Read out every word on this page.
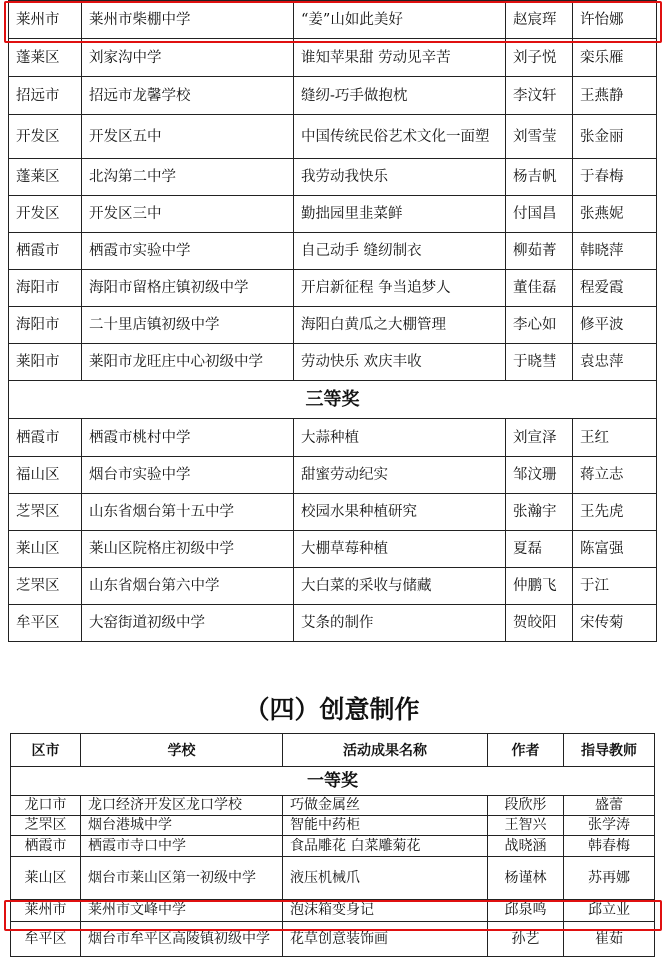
莱州市	莱州市柴棚中学	“姜”山如此美好	赵宸珲	许怡娜
蓬莱区	刘家沟中学	谁知苹果甜 劳动见辛苦	刘子悦	栾乐雁
招远市	招远市龙馨学校	缝纫-巧手做抱枕	李汶轩	王燕静
开发区	开发区五中	中国传统民俗艺术文化一面塑	刘雪莹	张金丽
蓬莱区	北沟第二中学	我劳动我快乐	杨吉帆	于春梅
开发区	开发区三中	勤拙园里韭菜鲜	付国昌	张燕妮
栖霞市	栖霞市实验中学	自己动手 缝纫制衣	柳茹菁	韩晓萍
海阳市	海阳市留格庄镇初级中学	开启新征程 争当追梦人	董佳磊	程爱霞
海阳市	二十里店镇初级中学	海阳白黄瓜之大棚管理	李心如	修平波
莱阳市	莱阳市龙旺庄中心初级中学	劳动快乐 欢庆丰收	于晓彗	袁忠萍
三等奖				
栖霞市	栖霞市桃村中学	大蒜种植	刘宣泽	王红
福山区	烟台市实验中学	甜蜜劳动纪实	邹汶珊	蒋立志
芝罘区	山东省烟台第十五中学	校园水果种植研究	张瀚宇	王先虎
莱山区	莱山区院格庄初级中学	大棚草莓种植	夏磊	陈富强
芝罘区	山东省烟台第六中学	大白菜的采收与储藏	仲鹏飞	于江
牟平区	大窑街道初级中学	艾条的制作	贺皎阳	宋传菊
（四）创意制作
区市	学校	活动成果名称	作者	指导教师
一等奖				
龙口市	龙口经济开发区龙口学校	巧做金属丝	段欣彤	盛蕾
芝罘区	烟台港城中学	智能中药柜	王智兴	张学涛
栖霞市	栖霞市寺口中学	食品雕花 白菜雕菊花	战晓涵	韩春梅
莱山区	烟台市莱山区第一初级中学	液压机械爪	杨谨林	苏再娜
莱州市	莱州市文峰中学	泡沫箱变身记	邱泉鸣	邱立业
牟平区	烟台市牟平区高陵镇初级中学	花草创意装饰画	孙艺	崔茹
